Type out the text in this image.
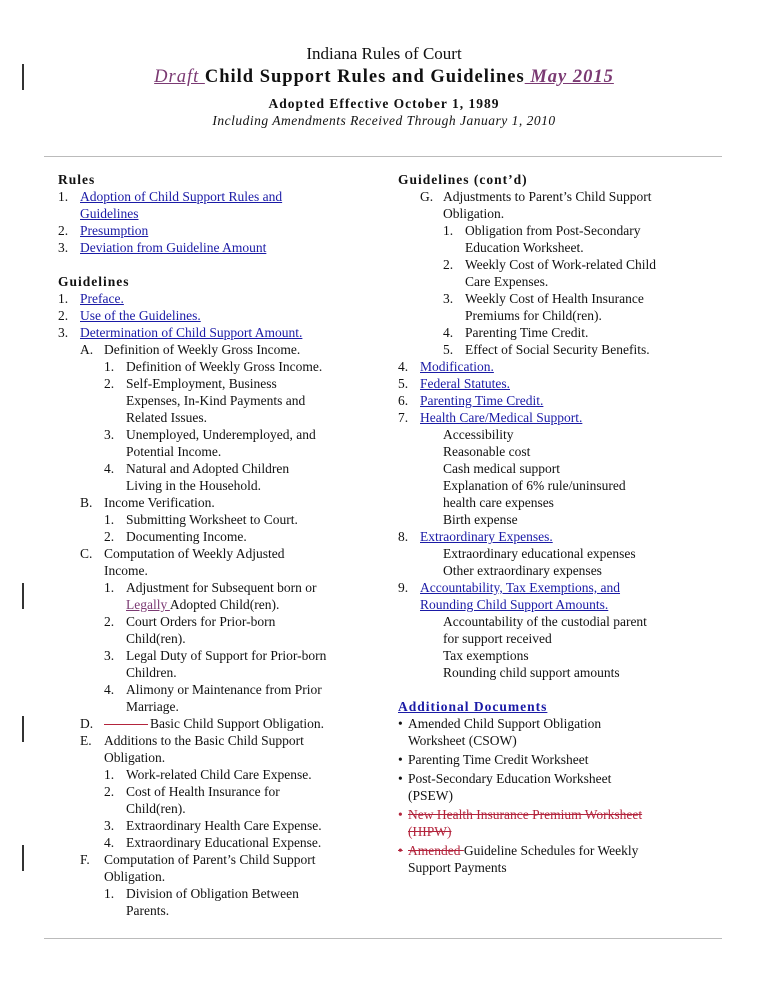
Indiana Rules of Court
Draft Child Support Rules and Guidelines May 2015
Adopted Effective October 1, 1989
Including Amendments Received Through January 1, 2010
Rules
1. Adoption of Child Support Rules and
Guidelines
2. Presumption
3. Deviation from Guideline Amount
Guidelines
1. Preface.
2. Use of the Guidelines.
3. Determination of Child Support Amount.
A. Definition of Weekly Gross Income.
1. Definition of Weekly Gross Income.
2. Self-Employment, Business
Expenses, In-Kind Payments and
Related Issues.
3. Unemployed, Underemployed, and
Potential Income.
4. Natural and Adopted Children
Living in the Household.
B. Income Verification.
1. Submitting Worksheet to Court.
2. Documenting Income.
C. Computation of Weekly Adjusted
Income.
1. Adjustment for Subsequent born or
Legally Adopted Child(ren).
2. Court Orders for Prior-born
Child(ren).
3. Legal Duty of Support for Prior-born
Children.
4. Alimony or Maintenance from Prior
Marriage.
D.	Basic Child Support Obligation.
E. Additions to the Basic Child Support
Obligation.
1. Work-related Child Care Expense.
2. Cost of Health Insurance for
Child(ren).
3. Extraordinary Health Care Expense.
4. Extraordinary Educational Expense.
F. Computation of Parent’s Child Support
Obligation.
1. Division of Obligation Between
Parents.
Guidelines (cont’d)
G. Adjustments to Parent’s Child Support
Obligation.
1. Obligation from Post-Secondary
Education Worksheet.
2. Weekly Cost of Work-related Child
Care Expenses.
3. Weekly Cost of Health Insurance
Premiums for Child(ren).
4. Parenting Time Credit.
5. Effect of Social Security Benefits.
4. Modification.
5. Federal Statutes.
6. Parenting Time Credit.
7. Health Care/Medical Support.
Accessibility
Reasonable cost
Cash medical support
Explanation of 6% rule/uninsured
health care expenses
Birth expense
8. Extraordinary Expenses.
Extraordinary educational expenses
Other extraordinary expenses
9. Accountability, Tax Exemptions, and
Rounding Child Support Amounts.
Accountability of the custodial parent
for support received
Tax exemptions
Rounding child support amounts
Additional Documents
• Amended Child Support Obligation
Worksheet (CSOW)
• Parenting Time Credit Worksheet
• Post-Secondary Education Worksheet
(PSEW)
• New Health Insurance Premium Worksheet
(HIPW)
• Amended Guideline Schedules for Weekly
Support Payments
